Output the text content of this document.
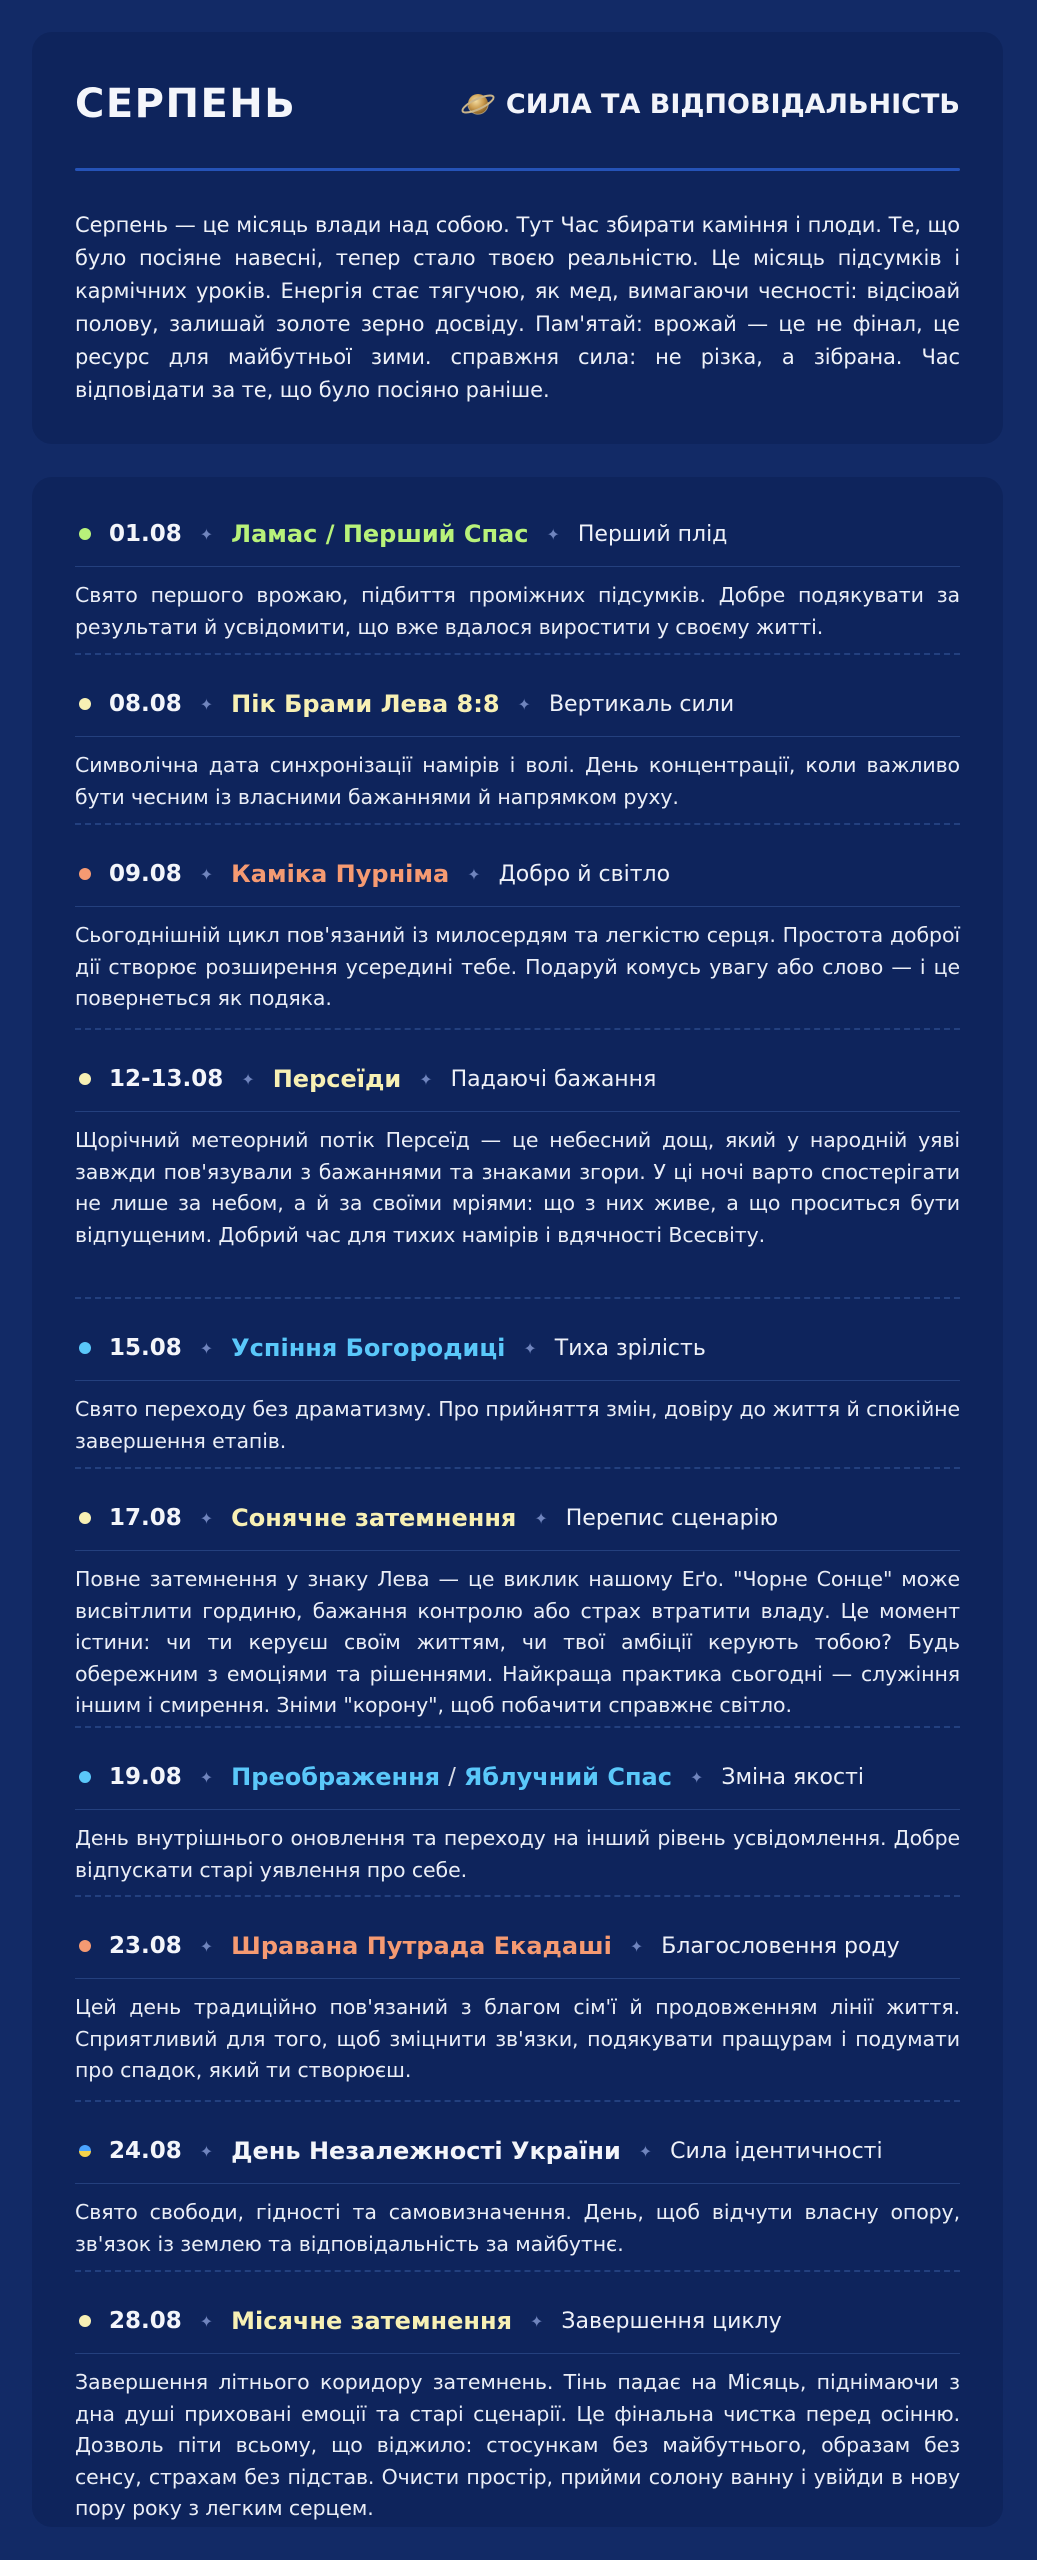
СЕРПЕНЬ	СИЛА ТА ВІДПОВІДАЛЬНІСТЬ
Серпень — це місяць влади над собою. Тут Час збирати каміння і плоди. Те, що було посіяне навесні, тепер стало твоєю реальністю. Це місяць підсумків і кармічних уроків. Енергія стає тягучою, як мед, вимагаючи чесності: відсіюай полову, залишай золоте зерно досвіду. Пам'ятай: врожай — це не фінал, це ресурс для майбутньої зими. справжня сила: не різка, а зібрана. Час відповідати за те, що було посіяно раніше.
01.08 ✦ Ламас / Перший Спас ✦ Перший плід
Свято першого врожаю, підбиття проміжних підсумків. Добре подякувати за результати й усвідомити, що вже вдалося виростити у своєму житті.
08.08 ✦ Пік Брами Лева 8:8 ✦ Вертикаль сили
Символічна дата синхронізації намірів і волі. День концентрації, коли важливо бути чесним із власними бажаннями й напрямком руху.
09.08 ✦ Каміка Пурніма ✦ Добро й світло
Сьогоднішній цикл пов'язаний із милосердям та легкістю серця. Простота доброї дії створює розширення усередині тебе. Подаруй комусь увагу або слово — і це повернеться як подяка.
12-13.08 ✦ Персеїди ✦ Падаючі бажання
Щорічний метеорний потік Персеїд — це небесний дощ, який у народній уяві завжди пов'язували з бажаннями та знаками згори. У ці ночі варто спостерігати не лише за небом, а й за своїми мріями: що з них живе, а що проситься бути відпущеним. Добрий час для тихих намірів і вдячності Всесвіту.
15.08 ✦ Успіння Богородиці ✦ Тиха зрілість
Свято переходу без драматизму. Про прийняття змін, довіру до життя й спокійне завершення етапів.
17.08 ✦ Сонячне затемнення ✦ Перепис сценарію
Повне затемнення у знаку Лева — це виклик нашому Еґо. "Чорне Сонце" може висвітлити гординю, бажання контролю або страх втратити владу. Це момент істини: чи ти керуєш своїм життям, чи твої амбіції керують тобою? Будь обережним з емоціями та рішеннями. Найкраща практика сьогодні — служіння іншим і смирення. Зніми "корону", щоб побачити справжнє світло.
19.08 ✦ Преображення / Яблучний Спас ✦ Зміна якості
День внутрішнього оновлення та переходу на інший рівень усвідомлення. Добре відпускати старі уявлення про себе.
23.08 ✦ Шравана Путрада Екадаші ✦ Благословення роду
Цей день традиційно пов'язаний з благом сім'ї й продовженням лінії життя. Сприятливий для того, щоб зміцнити зв'язки, подякувати пращурам і подумати про спадок, який ти створюєш.
24.08 ✦ День Незалежності України ✦ Сила ідентичності
Свято свободи, гідності та самовизначення. День, щоб відчути власну опору, зв'язок із землею та відповідальність за майбутнє.
28.08 ✦ Місячне затемнення ✦ Завершення циклу
Завершення літнього коридору затемнень. Тінь падає на Місяць, піднімаючи з дна душі приховані емоції та старі сценарії. Це фінальна чистка перед осінню. Дозволь піти всьому, що віджило: стосункам без майбутнього, образам без сенсу, страхам без підстав. Очисти простір, прийми солону ванну і увійди в нову пору року з легким серцем.
